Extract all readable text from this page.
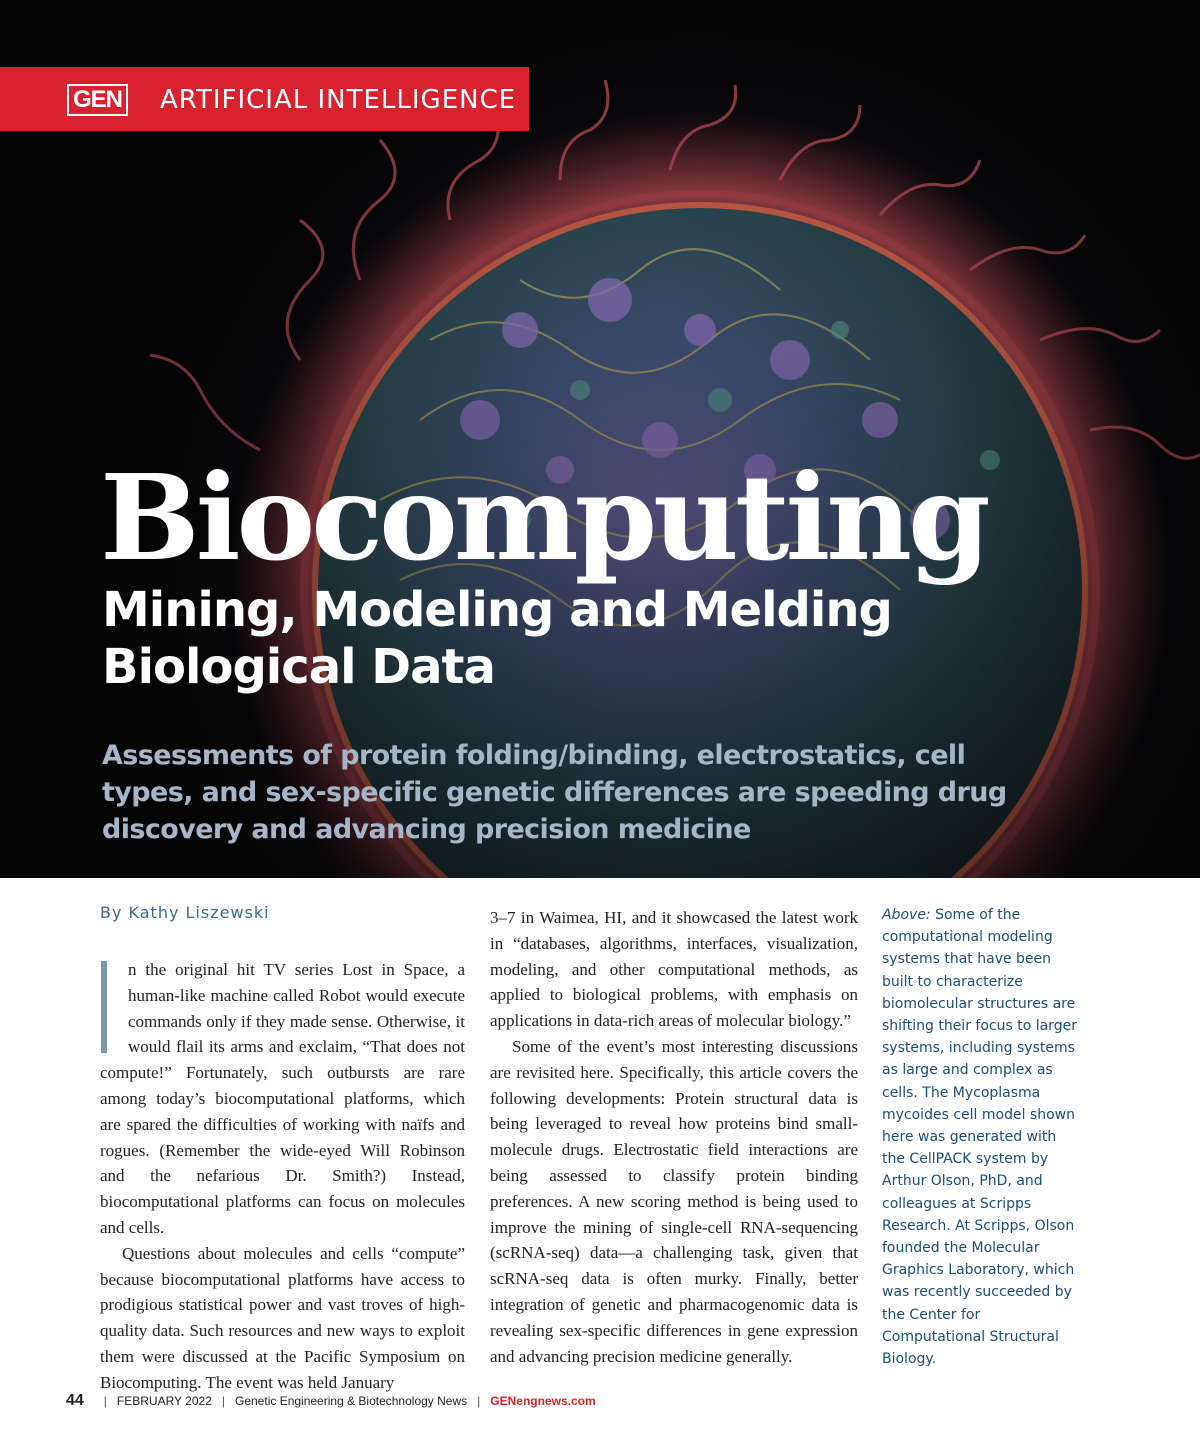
GEN ARTIFICIAL INTELLIGENCE
Biocomputing
Mining, Modeling and Melding Biological Data

Assessments of protein folding/binding, electrostatics, cell types, and sex-specific genetic differences are speeding drug discovery and advancing precision medicine

By Kathy Liszewski

n the original hit TV series Lost in Space, a human-like machine called Robot would execute commands only if they made sense. Otherwise, it would flail its arms and exclaim, “That does not compute!” Fortunately, such outbursts are rare among today’s biocomputational platforms, which are spared the difficulties of working with naïfs and rogues. (Remember the wide-eyed Will Robinson and the nefarious Dr. Smith?) Instead, biocomputational platforms can focus on molecules and cells.

Questions about molecules and cells “compute” because biocomputational platforms have access to prodigious statistical power and vast troves of high-quality data. Such resources and new ways to exploit them were discussed at the Pacific Symposium on Biocomputing. The event was held January

3–7 in Waimea, HI, and it showcased the latest work in “databases, algorithms, interfaces, visualization, modeling, and other computational methods, as applied to biological problems, with emphasis on applications in data-rich areas of molecular biology.”

Some of the event’s most interesting discussions are revisited here. Specifically, this article covers the following developments: Protein structural data is being leveraged to reveal how proteins bind small-molecule drugs. Electrostatic field interactions are being assessed to classify protein binding preferences. A new scoring method is being used to improve the mining of single-cell RNA-sequencing (scRNA-seq) data—a challenging task, given that scRNA-seq data is often murky. Finally, better integration of genetic and pharmacogenomic data is revealing sex-specific differences in gene expression and advancing precision medicine generally.

Above: Some of the computational modeling systems that have been built to characterize biomolecular structures are shifting their focus to larger systems, including systems as large and complex as cells. The Mycoplasma mycoides cell model shown here was generated with the CellPACK system by Arthur Olson, PhD, and colleagues at Scripps Research. At Scripps, Olson founded the Molecular Graphics Laboratory, which was recently succeeded by the Center for Computational Structural Biology.
44 | FEBRUARY 2022 | Genetic Engineering & Biotechnology News | GENengnews.com
